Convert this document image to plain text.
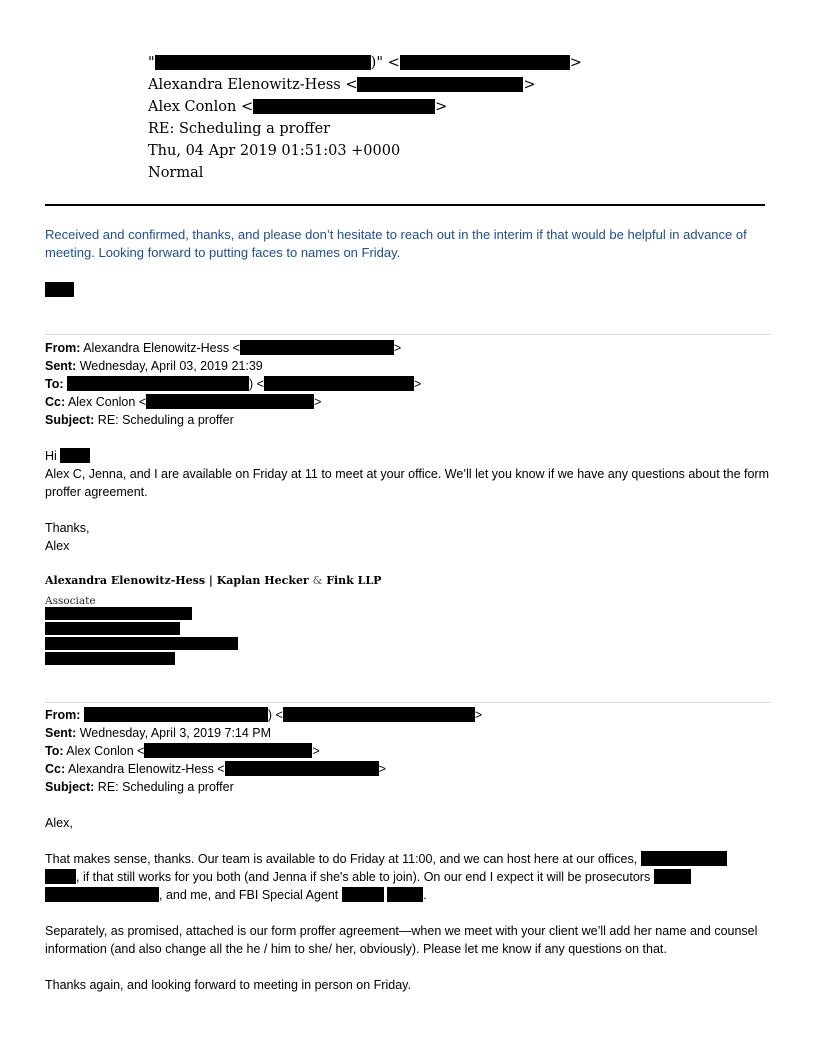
"	)" <	>
Alexandra Elenowitz-Hess <	>
Alex Conlon <	>
RE: Scheduling a proffer
Thu, 04 Apr 2019 01:51:03 +0000
Normal
Received and confirmed, thanks, and please don’t hesitate to reach out in the interim if that would be helpful in advance of meeting. Looking forward to putting faces to names on Friday.
From: Alexandra Elenowitz-Hess <	>
Sent: Wednesday, April 03, 2019 21:39
To:	) <	>
Cc: Alex Conlon <	>
Subject: RE: Scheduling a proffer
Hi
Alex C, Jenna, and I are available on Friday at 11 to meet at your office. We’ll let you know if we have any questions about the form proffer agreement.
Thanks,
Alex
Alexandra Elenowitz-Hess | Kaplan Hecker & Fink LLP
Associate
From:	) <	>
Sent: Wednesday, April 3, 2019 7:14 PM
To: Alex Conlon <	>
Cc: Alexandra Elenowitz-Hess <	>
Subject: RE: Scheduling a proffer
Alex,
That makes sense, thanks. Our team is available to do Friday at 11:00, and we can host here at our offices,
, if that still works for you both (and Jenna if she's able to join). On our end I expect it will be prosecutors
, and me, and FBI Special Agent	.
Separately, as promised, attached is our form proffer agreement—when we meet with your client we’ll add her name and counsel information (and also change all the he / him to she/ her, obviously). Please let me know if any questions on that.
Thanks again, and looking forward to meeting in person on Friday.
